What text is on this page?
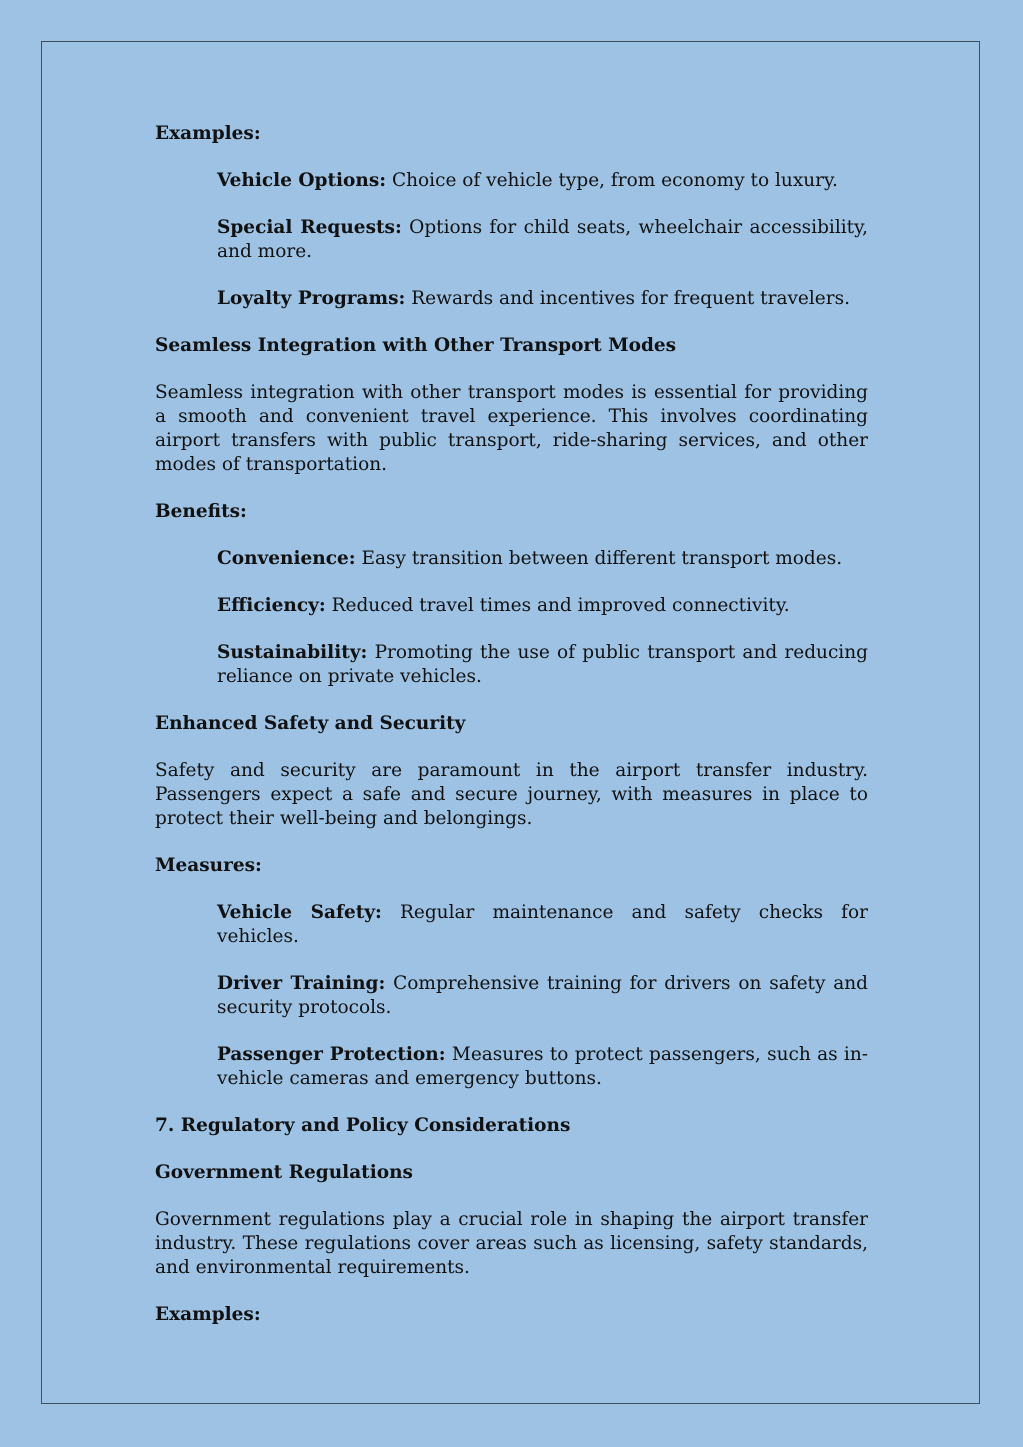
Examples:
Vehicle Options: Choice of vehicle type, from economy to luxury.
Special Requests: Options for child seats, wheelchair accessibility, and more.
Loyalty Programs: Rewards and incentives for frequent travelers.
Seamless Integration with Other Transport Modes
Seamless integration with other transport modes is essential for providing a smooth and convenient travel experience. This involves coordinating airport transfers with public transport, ride-sharing services, and other modes of transportation.
Benefits:
Convenience: Easy transition between different transport modes.
Efficiency: Reduced travel times and improved connectivity.
Sustainability: Promoting the use of public transport and reducing reliance on private vehicles.
Enhanced Safety and Security
Safety and security are paramount in the airport transfer industry. Passengers expect a safe and secure journey, with measures in place to protect their well-being and belongings.
Measures:
Vehicle Safety: Regular maintenance and safety checks for vehicles.
Driver Training: Comprehensive training for drivers on safety and security protocols.
Passenger Protection: Measures to protect passengers, such as in-vehicle cameras and emergency buttons.
7. Regulatory and Policy Considerations
Government Regulations
Government regulations play a crucial role in shaping the airport transfer industry. These regulations cover areas such as licensing, safety standards, and environmental requirements.
Examples:
